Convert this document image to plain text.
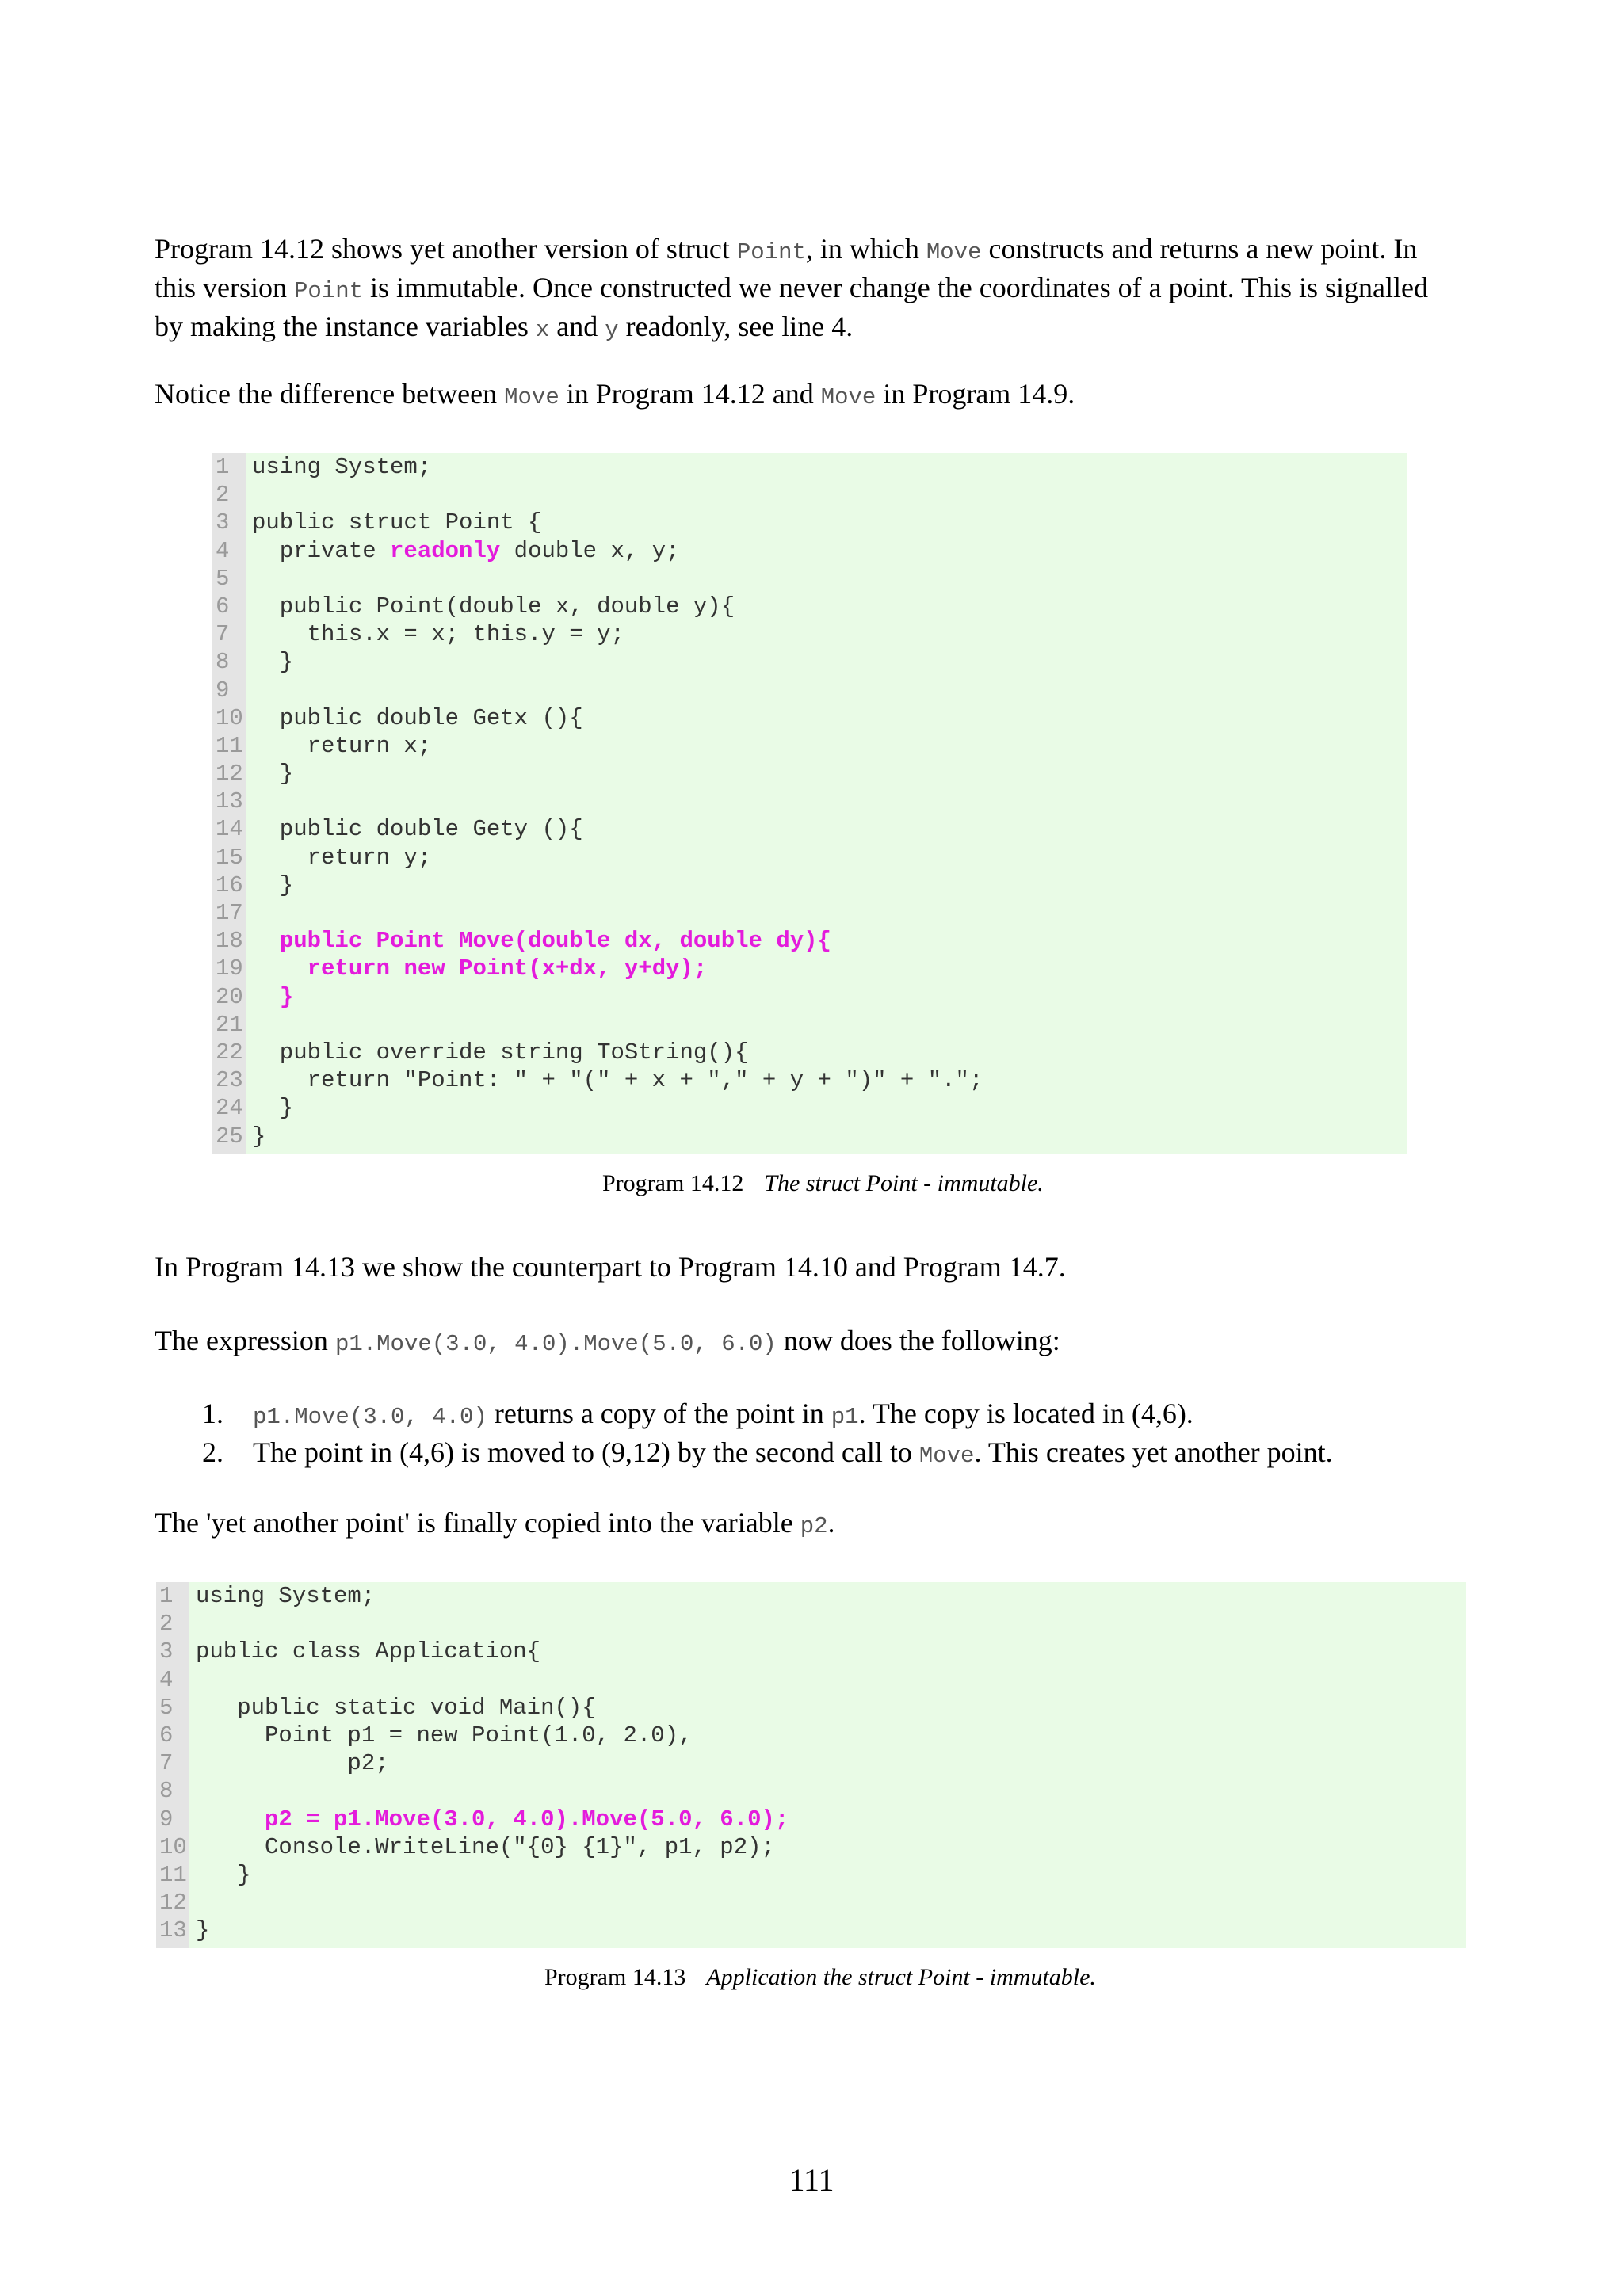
Program 14.12 shows yet another version of struct Point, in which Move constructs and returns a new point. In this version Point is immutable. Once constructed we never change the coordinates of a point. This is signalled by making the instance variables x and y readonly, see line 4.

Notice the difference between Move in Program 14.12 and Move in Program 14.9.

1 using System;
2
3 public struct Point {
4 private readonly double x, y;
5
6 public Point(double x, double y){
7 this.x = x; this.y = y;
8 }
9
10 public double Getx (){
11 return x;
12 }
13
14 public double Gety (){
15 return y;
16 }
17
18	public Point Move(double dx, double dy){
19	return new Point(x+dx, y+dy);
20	}
21
22 public override string ToString(){
23 return "Point: " + "(" + x + "," + y + ")" + ".";
24 }
25 }
Program 14.12 The struct Point - immutable.

In Program 14.13 we show the counterpart to Program 14.10 and Program 14.7.

The expression p1.Move(3.0, 4.0).Move(5.0, 6.0) now does the following:

1. p1.Move(3.0, 4.0) returns a copy of the point in p1. The copy is located in (4,6).
2. The point in (4,6) is moved to (9,12) by the second call to Move. This creates yet another point.

The 'yet another point' is finally copied into the variable p2.

1 using System;
2
3 public class Application{
4
5 public static void Main(){
6 Point p1 = new Point(1.0, 2.0),
7 p2;
8
9	p2 = p1.Move(3.0, 4.0).Move(5.0, 6.0);
10 Console.WriteLine("{0} {1}", p1, p2);
11 }
12
13 }
Program 14.13 Application the struct Point - immutable.
111
